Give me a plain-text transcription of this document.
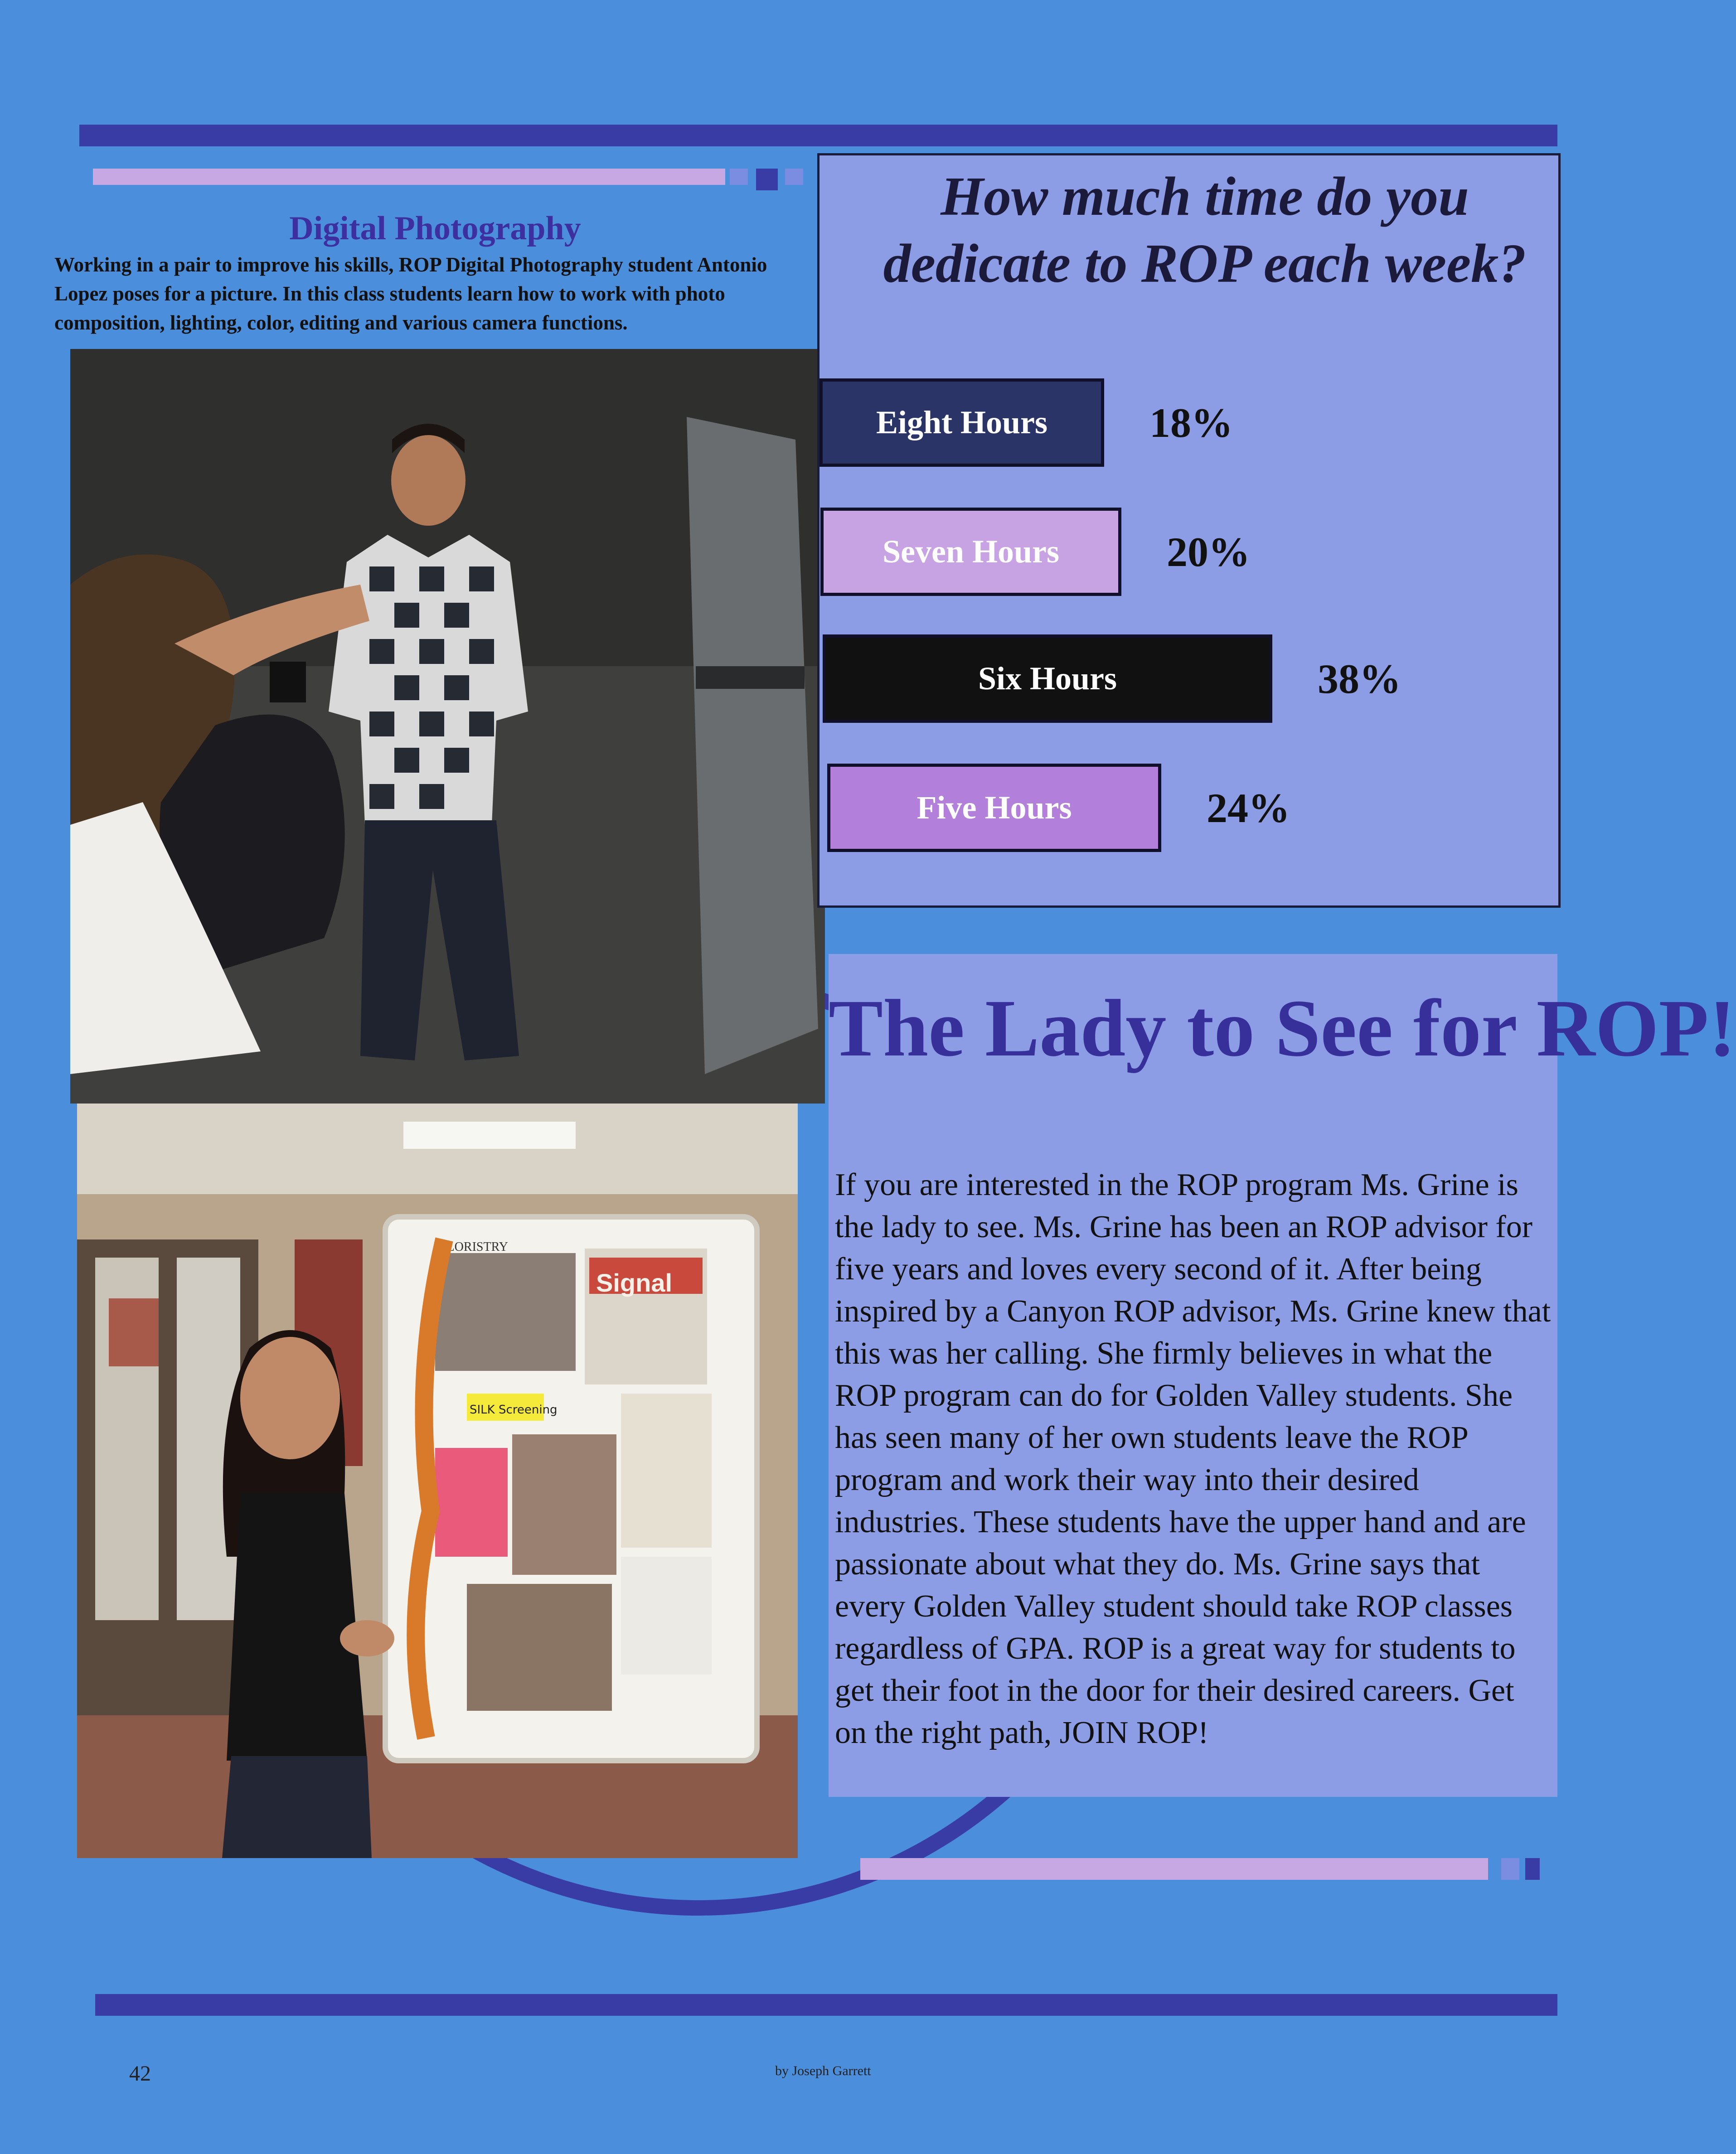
Digital Photography
Working in a pair to improve his skills, ROP Digital Photography student Antonio Lopez poses for a picture. In this class students learn how to work with photo composition, lighting, color, editing and various camera functions.
Signal
FLORISTRY
SILK Screening
How much time do you dedicate to ROP each week?
Eight Hours	18%
Seven Hours	20%
Six Hours	38%
Five Hours	24%
The Lady to See for ROP!
If you are interested in the ROP program Ms. Grine is the lady to see. Ms. Grine has been an ROP advisor for five years and loves every second of it. After being inspired by a Canyon ROP advisor, Ms. Grine knew that this was her calling. She firmly believes in what the ROP program can do for Golden Valley students. She has seen many of her own students leave the ROP program and work their way into their desired industries. These students have the upper hand and are passionate about what they do. Ms. Grine says that every Golden Valley student should take ROP classes regardless of GPA. ROP is a great way for students to get their foot in the door for their desired careers. Get on the right path, JOIN ROP!
42	by Joseph Garrett
